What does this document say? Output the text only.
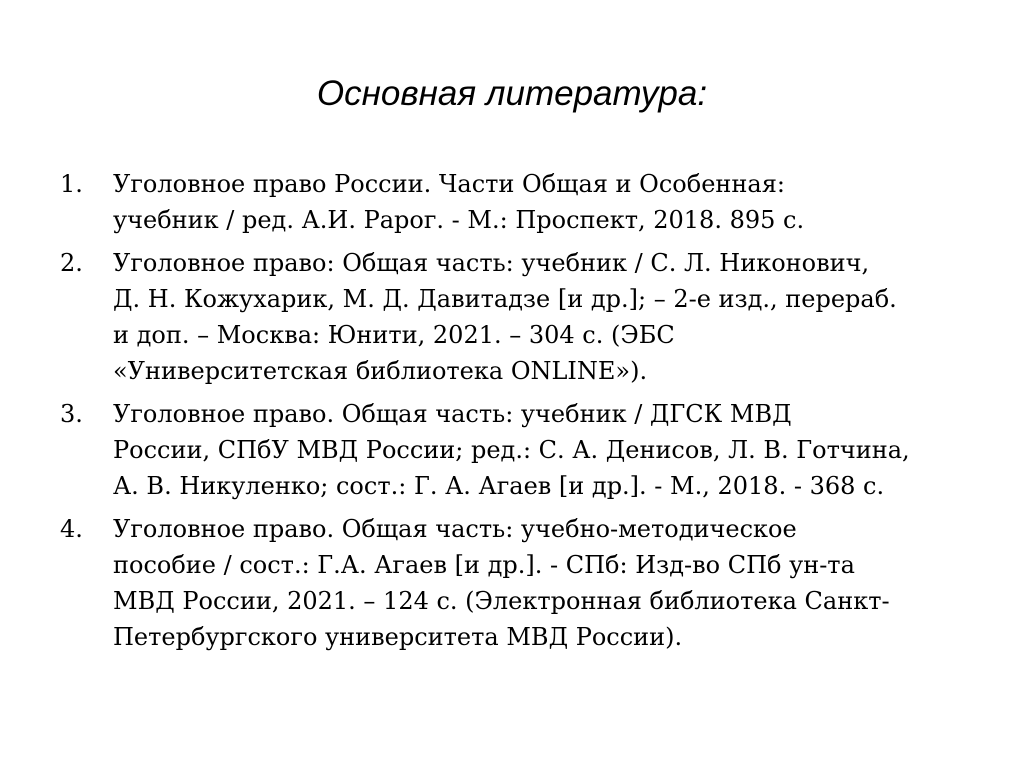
Основная литература:
1. Уголовное право России. Части Общая и Особенная:
учебник / ред. А.И. Рарог. - М.: Проспект, 2018. 895 с.
2. Уголовное право: Общая часть: учебник / С. Л. Никонович,
Д. Н. Кожухарик, М. Д. Давитадзе [и др.]; – 2-е изд., перераб.
и доп. – Москва: Юнити, 2021. – 304 с. (ЭБС
«Университетская библиотека ONLINE»).
3. Уголовное право. Общая часть: учебник / ДГСК МВД
России, СПбУ МВД России; ред.: С. А. Денисов, Л. В. Готчина,
А. В. Никуленко; сост.: Г. А. Агаев [и др.]. - М., 2018. - 368 с.
4. Уголовное право. Общая часть: учебно-методическое
пособие / сост.: Г.А. Агаев [и др.]. - СПб: Изд-во СПб ун-та
МВД России, 2021. – 124 с. (Электронная библиотека Санкт-
Петербургского университета МВД России).
